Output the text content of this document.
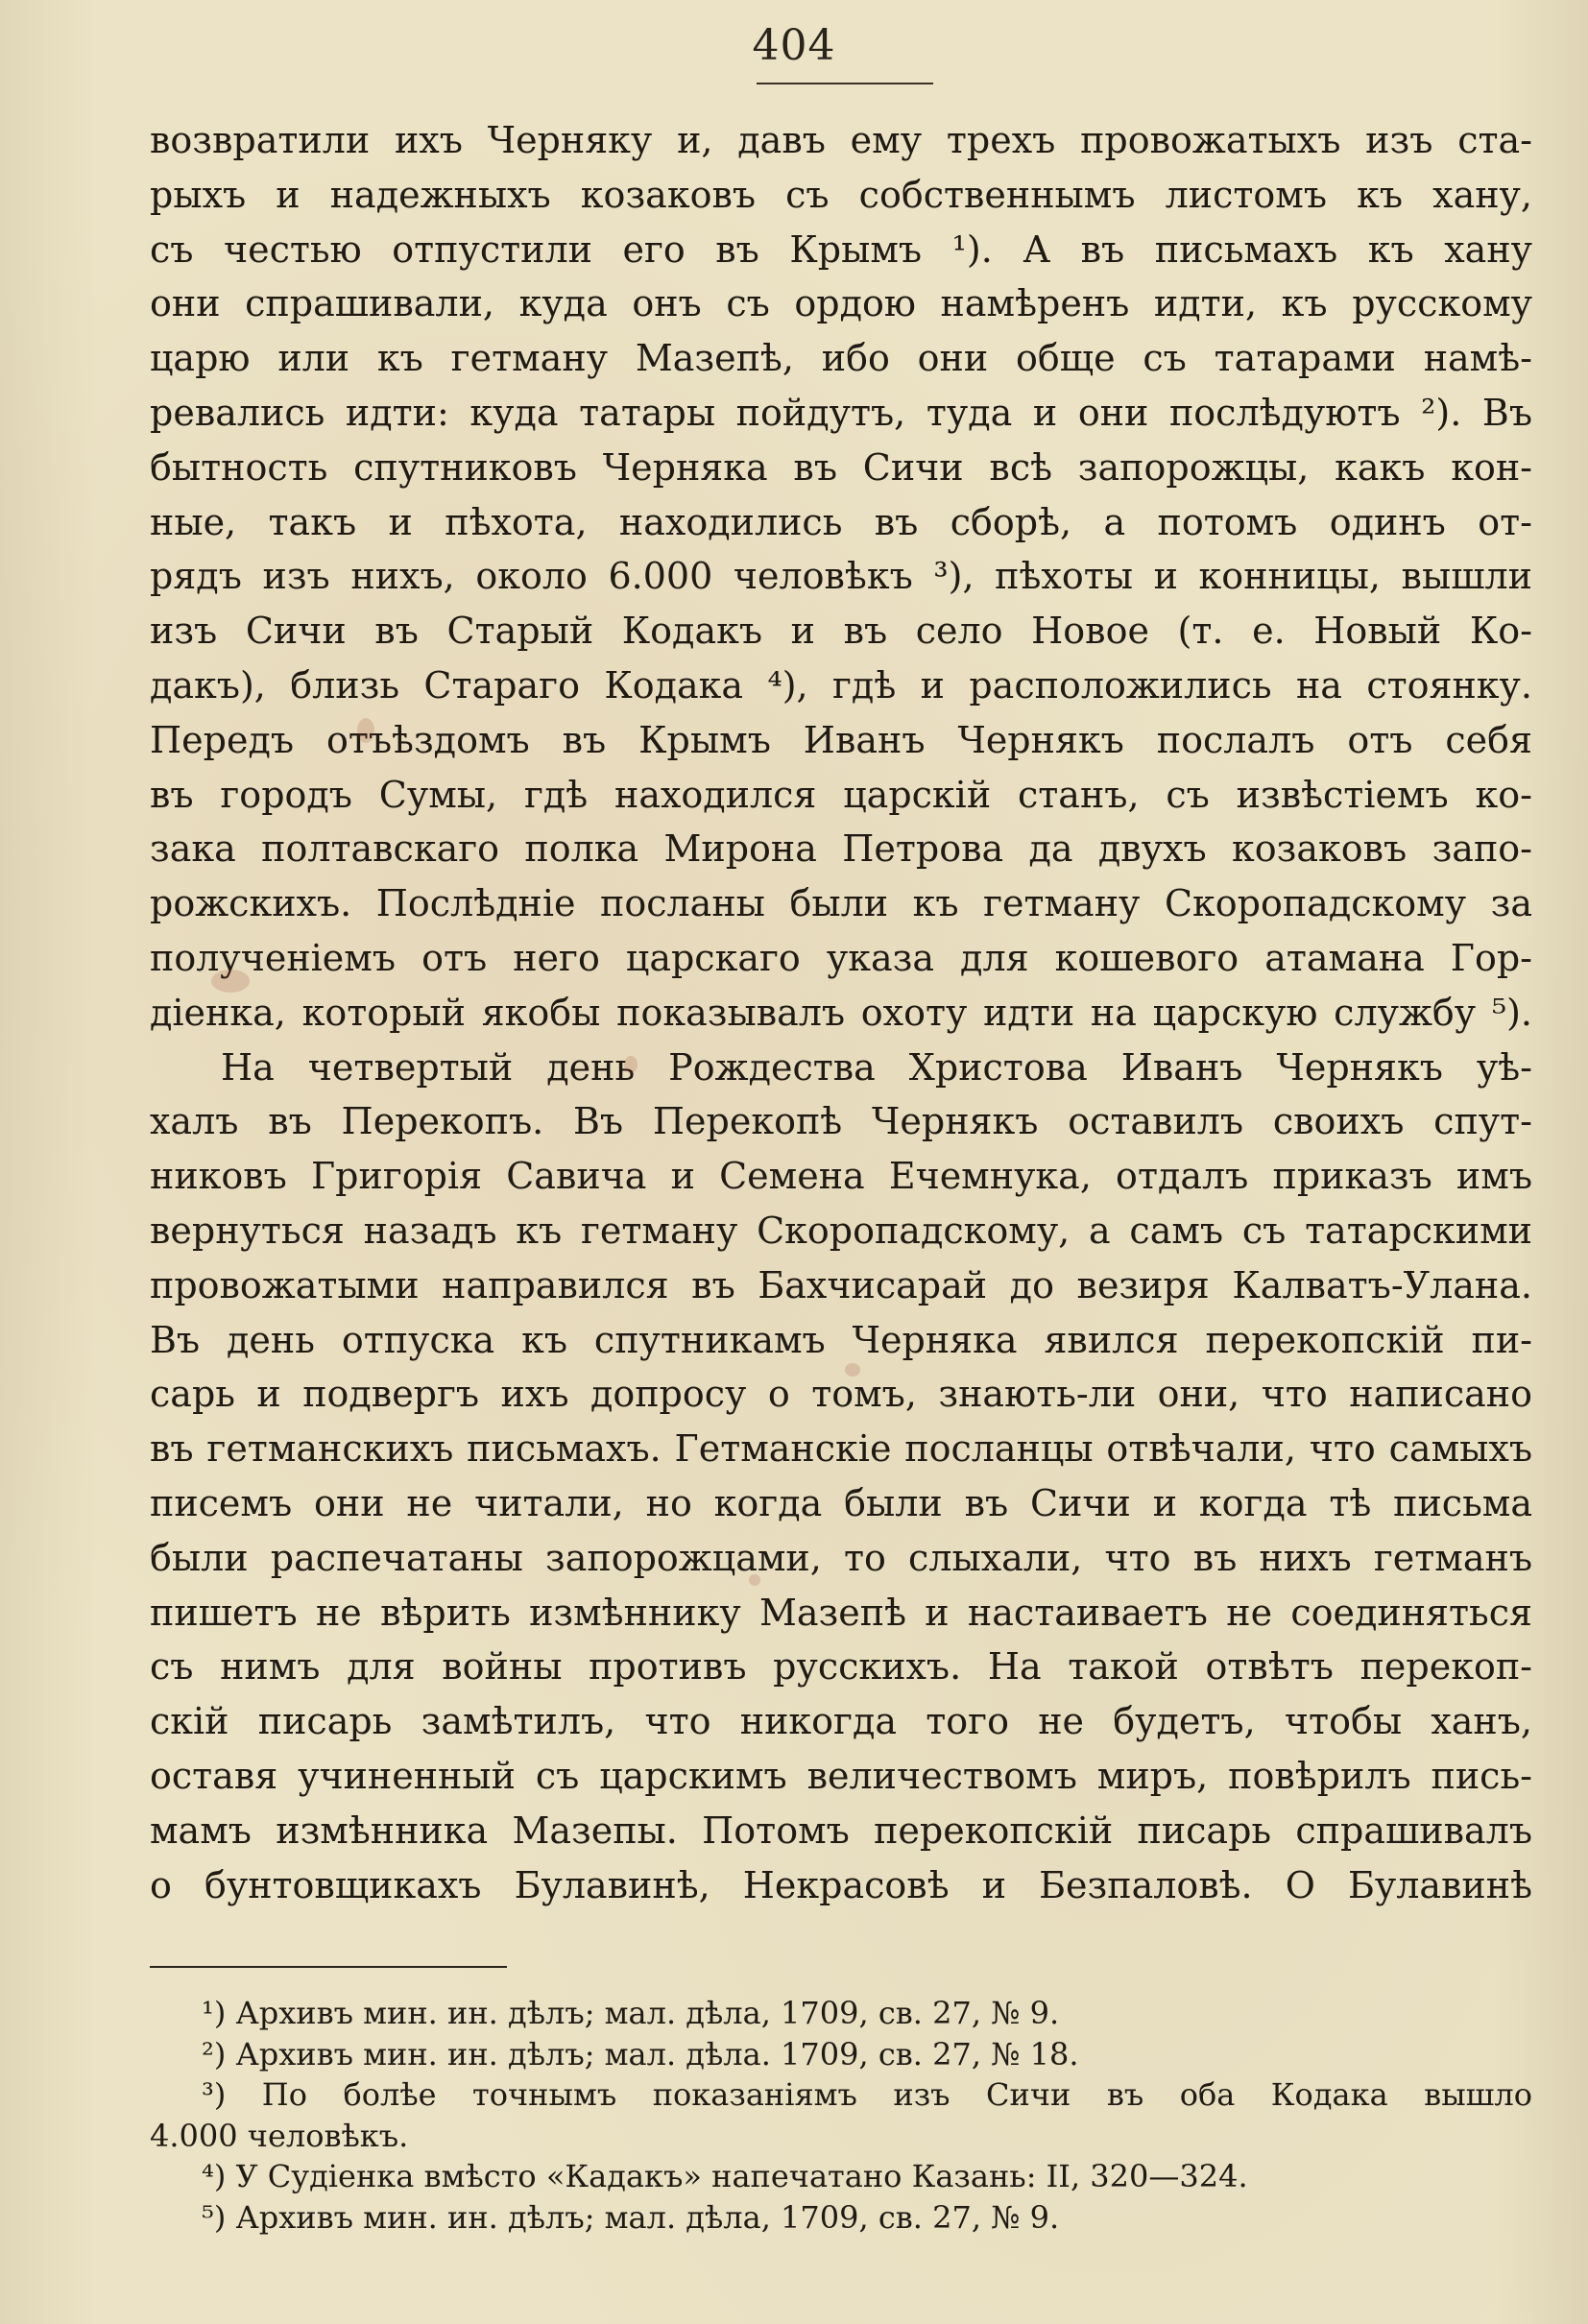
404
возвратили ихъ Черняку и, давъ ему трехъ провожатыхъ изъ ста-
рыхъ и надежныхъ козаковъ съ собственнымъ листомъ къ хану,
съ честью отпустили его въ Крымъ ¹). А въ письмахъ къ хану
они спрашивали, куда онъ съ ордою намѣренъ идти, къ русскому
царю или къ гетману Мазепѣ, ибо они обще съ татарами намѣ-
ревались идти: куда татары пойдутъ, туда и они послѣдуютъ ²). Въ
бытность спутниковъ Черняка въ Сичи всѣ запорожцы, какъ кон-
ные, такъ и пѣхота, находились въ сборѣ, а потомъ одинъ от-
рядъ изъ нихъ, около 6.000 человѣкъ ³), пѣхоты и конницы, вышли
изъ Сичи въ Старый Кодакъ и въ село Новое (т. е. Новый Ко-
дакъ), близь Стараго Кодака ⁴), гдѣ и расположились на стоянку.
Передъ отъѣздомъ въ Крымъ Иванъ Чернякъ послалъ отъ себя
въ городъ Сумы, гдѣ находился царскій станъ, съ извѣстіемъ ко-
зака полтавскаго полка Мирона Петрова да двухъ козаковъ запо-
рожскихъ. Послѣдніе посланы были къ гетману Скоропадскому за
полученіемъ отъ него царскаго указа для кошевого атамана Гор-
діенка, который якобы показывалъ охоту идти на царскую службу ⁵).
На четвертый день Рождества Христова Иванъ Чернякъ уѣ-
халъ въ Перекопъ. Въ Перекопѣ Чернякъ оставилъ своихъ спут-
никовъ Григорія Савича и Семена Ечемнука, отдалъ приказъ имъ
вернуться назадъ къ гетману Скоропадскому, а самъ съ татарскими
провожатыми направился въ Бахчисарай до везиря Калватъ-Улана.
Въ день отпуска къ спутникамъ Черняка явился перекопскій пи-
сарь и подвергъ ихъ допросу о томъ, знають-ли они, что написано
въ гетманскихъ письмахъ. Гетманскіе посланцы отвѣчали, что самыхъ
писемъ они не читали, но когда были въ Сичи и когда тѣ письма
были распечатаны запорожцами, то слыхали, что въ нихъ гетманъ
пишетъ не вѣрить измѣннику Мазепѣ и настаиваетъ не соединяться
съ нимъ для войны противъ русскихъ. На такой отвѣтъ перекоп-
скій писарь замѣтилъ, что никогда того не будетъ, чтобы ханъ,
оставя учиненный съ царскимъ величествомъ миръ, повѣрилъ пись-
мамъ измѣнника Мазепы. Потомъ перекопскій писарь спрашивалъ
о бунтовщикахъ Булавинѣ, Некрасовѣ и Безпаловѣ. О Булавинѣ
¹) Архивъ мин. ин. дѣлъ; мал. дѣла, 1709, св. 27, № 9.
²) Архивъ мин. ин. дѣлъ; мал. дѣла. 1709, св. 27, № 18.
³) По болѣе точнымъ показаніямъ изъ Сичи въ оба Кодака вышло
4.000 человѣкъ.
⁴) У Судіенка вмѣсто «Кадакъ» напечатано Казань: II, 320—324.
⁵) Архивъ мин. ин. дѣлъ; мал. дѣла, 1709, св. 27, № 9.
